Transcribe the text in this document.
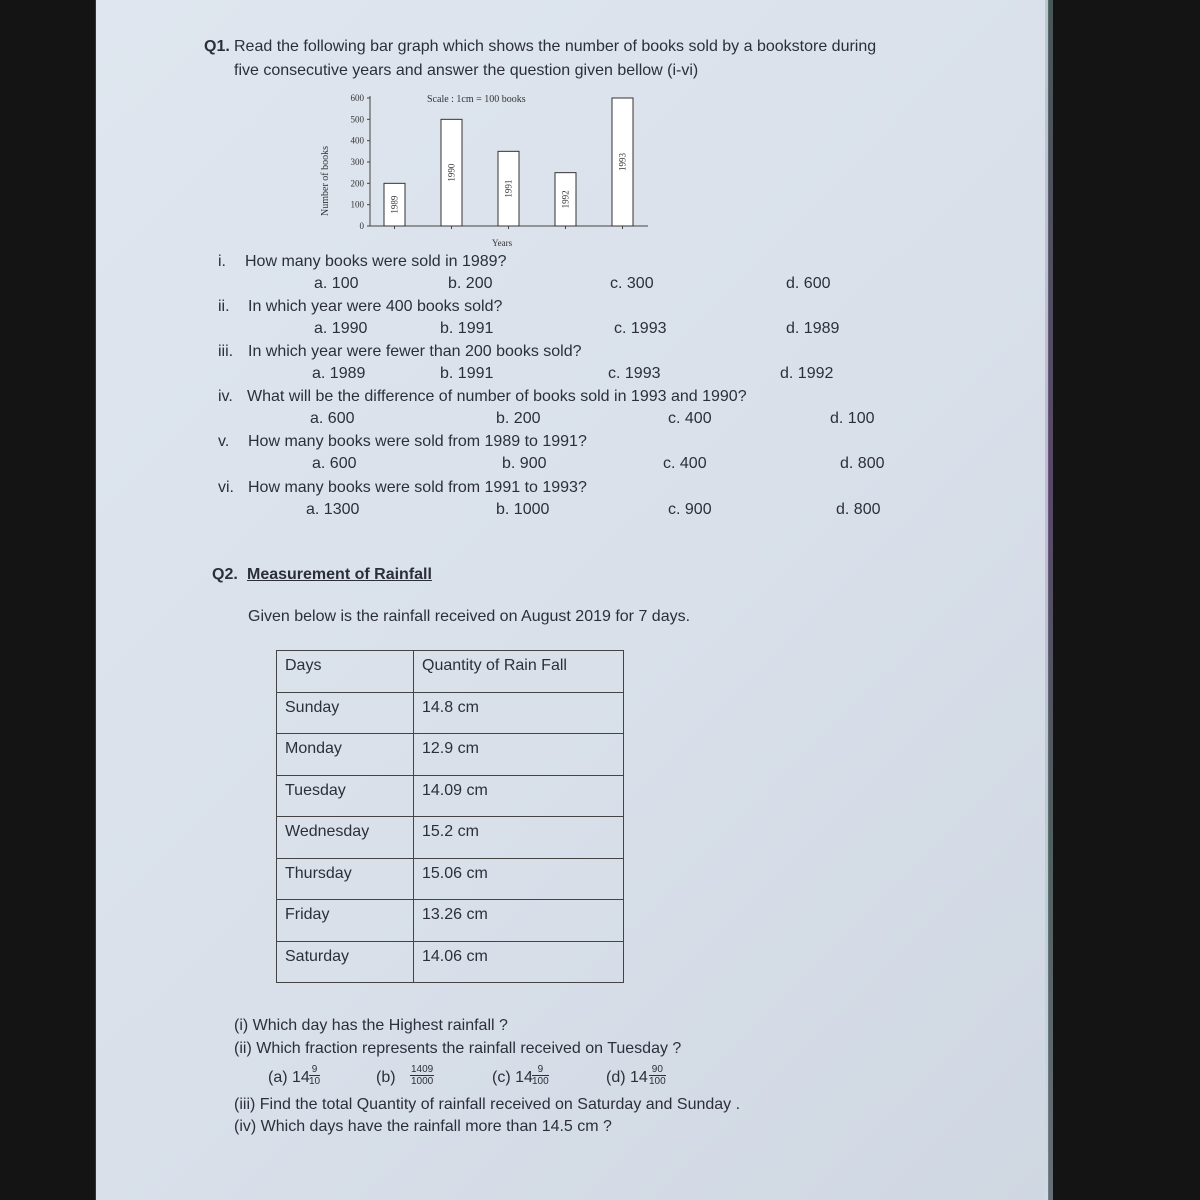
Q1. Read the following bar graph which shows the number of books sold by a bookstore during
five consecutive years and answer the question given bellow (i-vi)
Scale : 1cm = 100 books
Number of books
Years
0
100
200
300
400
500
600
1989
1990
1991
1992
1993
i. How many books were sold in 1989?
a. 100	b. 200	c. 300	d. 600
ii. In which year were 400 books sold?
a. 1990	b. 1991	c. 1993	d. 1989
iii. In which year were fewer than 200 books sold?
a. 1989	b. 1991	c. 1993	d. 1992
iv. What will be the difference of number of books sold in 1993 and 1990?
a. 600	b. 200	c. 400	d. 100
v. How many books were sold from 1989 to 1991?
a. 600	b. 900	c. 400	d. 800
vi. How many books were sold from 1991 to 1993?
a. 1300	b. 1000	c. 900	d. 800
Q2. Measurement of Rainfall
Given below is the rainfall received on August 2019 for 7 days.
Days	Quantity of Rain Fall
Sunday	14.8 cm
Monday	12.9 cm
Tuesday	14.09 cm
Wednesday	15.2 cm
Thursday	15.06 cm
Friday	13.26 cm
Saturday	14.06 cm
(i) Which day has the Highest rainfall ?
(ii) Which fraction represents the rainfall received on Tuesday ?
(a) $14 \frac{9}{10}$	$(b) \frac{1409}{1000}$	(c) $14 \frac{9}{100}$	(d) $14 \frac{90}{100}$
(iii) Find the total Quantity of rainfall received on Saturday and Sunday .
(iv) Which days have the rainfall more than 14.5 cm ?
